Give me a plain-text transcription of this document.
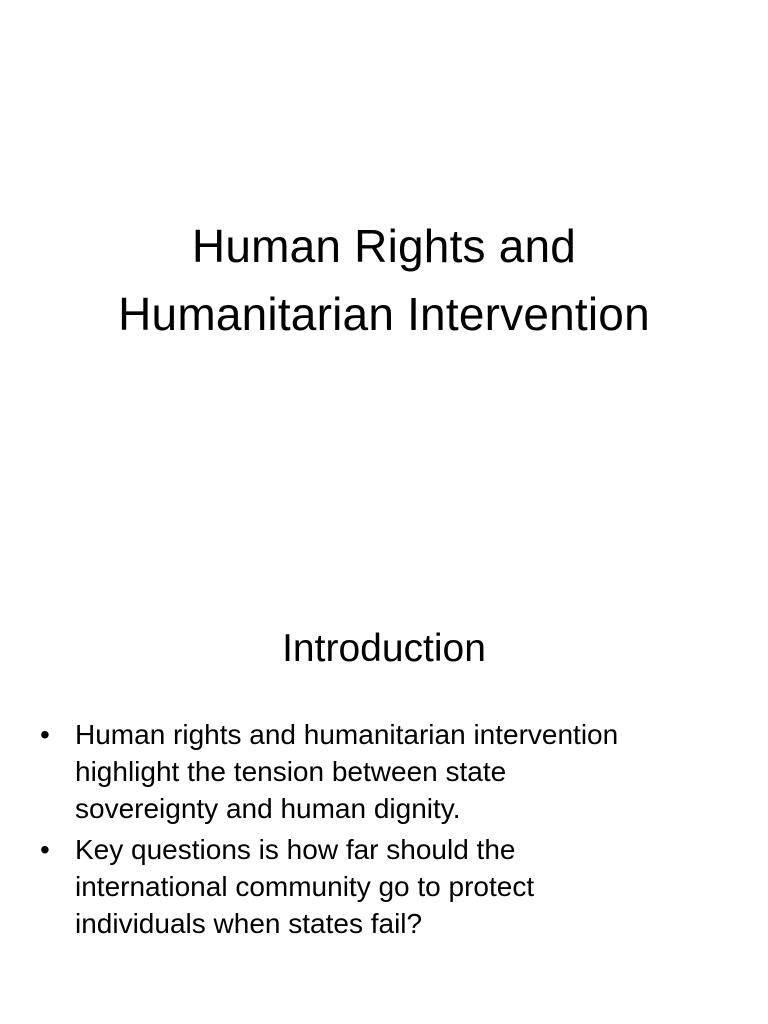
Human Rights and
Humanitarian Intervention
Introduction
• Human rights and humanitarian intervention
highlight the tension between state
sovereignty and human dignity.
• Key questions is how far should the
international community go to protect
individuals when states fail?
